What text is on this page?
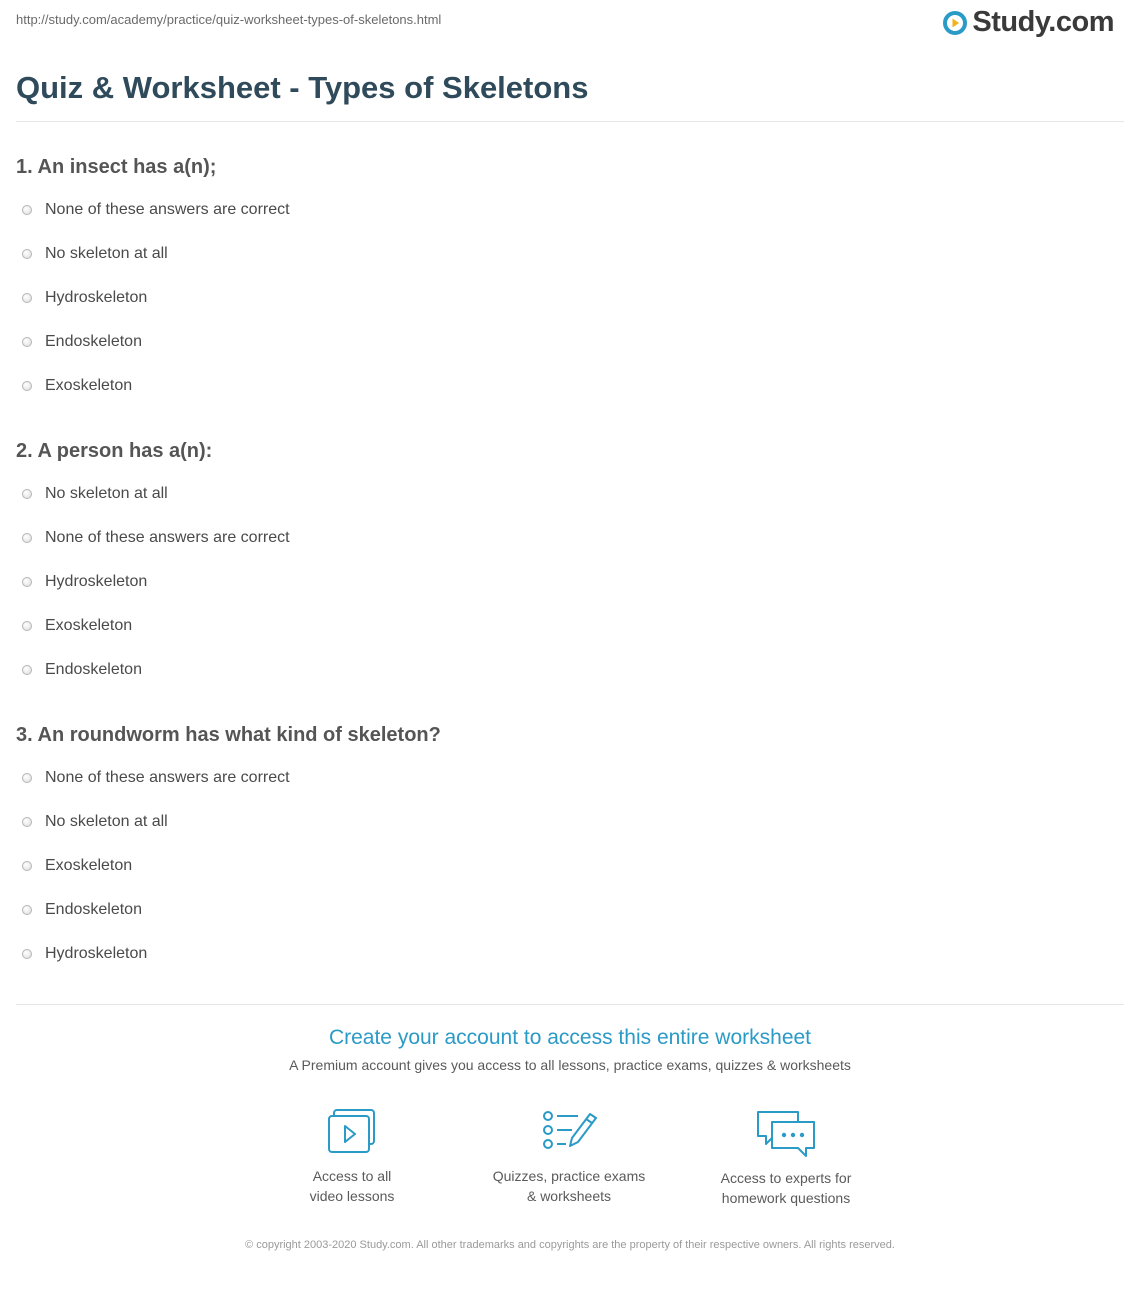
http://study.com/academy/practice/quiz-worksheet-types-of-skeletons.html	Study.com
Quiz & Worksheet - Types of Skeletons
1. An insect has a(n);
None of these answers are correct
No skeleton at all
Hydroskeleton
Endoskeleton
Exoskeleton
2. A person has a(n):
No skeleton at all
None of these answers are correct
Hydroskeleton
Exoskeleton
Endoskeleton
3. An roundworm has what kind of skeleton?
None of these answers are correct
No skeleton at all
Exoskeleton
Endoskeleton
Hydroskeleton
Create your account to access this entire worksheet
A Premium account gives you access to all lessons, practice exams, quizzes & worksheets
Access to all
video lessons
Quizzes, practice exams
& worksheets
Access to experts for
homework questions
© copyright 2003-2020 Study.com. All other trademarks and copyrights are the property of their respective owners. All rights reserved.
